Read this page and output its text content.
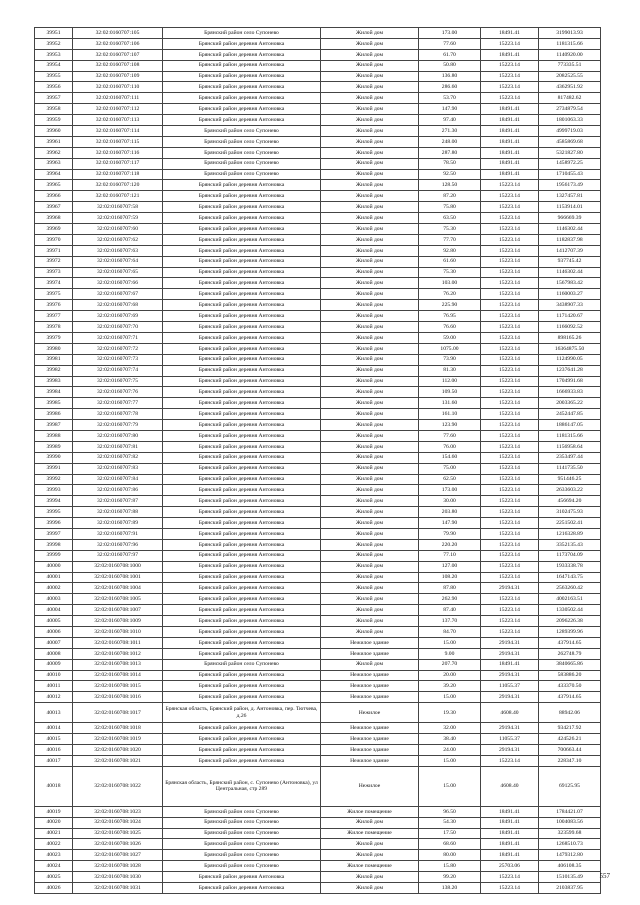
39951	32:02:0160707:105	Брянский район село Супонево	Жилой дом	173.00	18491.41	3199013.93
39952	32:02:0160707:106	Брянский район деревня Антоновка	Жилой дом	77.60	15223.14	1181315.66
39953	32:02:0160707:107	Брянский район деревня Антоновка	Жилой дом	61.70	18491.41	1140920.00
39954	32:02:0160707:108	Брянский район деревня Антоновка	Жилой дом	50.80	15223.14	773335.51
39955	32:02:0160707:109	Брянский район деревня Антоновка	Жилой дом	136.80	15223.14	2082525.55
39956	32:02:0160707:110	Брянский район деревня Антоновка	Жилой дом	286.60	15223.14	4362951.92
39957	32:02:0160707:111	Брянский район деревня Антоновка	Жилой дом	53.70	15223.14	817482.62
39958	32:02:0160707:112	Брянский район деревня Антоновка	Жилой дом	147.90	18491.41	2734879.54
39959	32:02:0160707:113	Брянский район деревня Антоновка	Жилой дом	97.40	18491.41	1801063.33
39960	32:02:0160707:114	Брянский район село Супонево	Жилой дом	271.30	18491.41	4999719.03
39961	32:02:0160707:115	Брянский район село Супонево	Жилой дом	248.00	18491.41	4585869.68
39962	32:02:0160707:116	Брянский район село Супонево	Жилой дом	287.80	18491.41	5321827.80
39963	32:02:0160707:117	Брянский район село Супонево	Жилой дом	78.50	18491.41	1458972.25
39964	32:02:0160707:118	Брянский район село Супонево	Жилой дом	92.50	18491.41	1710455.43
39965	32:02:0160707:120	Брянский район деревня Антоновка	Жилой дом	128.50	15223.14	1956173.49
39966	32:02:0160707:121	Брянский район деревня Антоновка	Жилой дом	87.20	15223.14	1327457.81
39967	32:02:0160707:58	Брянский район деревня Антоновка	Жилой дом	75.80	15223.14	1153914.01
39968	32:02:0160707:59	Брянский район деревня Антоновка	Жилой дом	63.50	15223.14	966669.39
39969	32:02:0160707:60	Брянский район деревня Антоновка	Жилой дом	75.30	15223.14	1146302.44
39970	32:02:0160707:62	Брянский район деревня Антоновка	Жилой дом	77.70	15223.14	1182837.98
39971	32:02:0160707:63	Брянский район деревня Антоновка	Жилой дом	92.80	15223.14	1412707.39
39972	32:02:0160707:64	Брянский район деревня Антоновка	Жилой дом	61.60	15223.14	937745.42
39973	32:02:0160707:65	Брянский район деревня Антоновка	Жилой дом	75.30	15223.14	1146302.44
39974	32:02:0160707:66	Брянский район деревня Антоновка	Жилой дом	103.00	15223.14	1567983.42
39975	32:02:0160707:67	Брянский район деревня Антоновка	Жилой дом	76.20	15223.14	1160003.27
39976	32:02:0160707:68	Брянский район деревня Антоновка	Жилой дом	225.90	15223.14	3438907.33
39977	32:02:0160707:69	Брянский район деревня Антоновка	Жилой дом	76.95	15223.14	1171420.67
39978	32:02:0160707:70	Брянский район деревня Антоновка	Жилой дом	76.60	15223.14	1166092.52
39979	32:02:0160707:71	Брянский район деревня Антоновка	Жилой дом	59.00	15223.14	898165.26
39980	32:02:0160707:72	Брянский район деревня Антоновка	Жилой дом	1075.00	15223.14	16364875.50
39981	32:02:0160707:73	Брянский район деревня Антоновка	Жилой дом	73.90	15223.14	1124990.05
39982	32:02:0160707:74	Брянский район деревня Антоновка	Жилой дом	81.30	15223.14	1237641.28
39983	32:02:0160707:75	Брянский район деревня Антоновка	Жилой дом	112.00	15223.14	1704991.68
39984	32:02:0160707:76	Брянский район деревня Антоновка	Жилой дом	109.50	15223.14	1666933.83
39985	32:02:0160707:77	Брянский район деревня Антоновка	Жилой дом	131.60	15223.14	2003365.22
39986	32:02:0160707:78	Брянский район деревня Антоновка	Жилой дом	161.10	15223.14	2452447.85
39987	32:02:0160707:79	Брянский район деревня Антоновка	Жилой дом	123.90	15223.14	1886147.05
39988	32:02:0160707:80	Брянский район деревня Антоновка	Жилой дом	77.60	15223.14	1181315.66
39989	32:02:0160707:81	Брянский район деревня Антоновка	Жилой дом	76.00	15223.14	1156958.64
39990	32:02:0160707:82	Брянский район деревня Антоновка	Жилой дом	154.60	15223.14	2353497.44
39991	32:02:0160707:83	Брянский район деревня Антоновка	Жилой дом	75.00	15223.14	1141735.50
39992	32:02:0160707:84	Брянский район деревня Антоновка	Жилой дом	62.50	15223.14	951446.25
39993	32:02:0160707:86	Брянский район деревня Антоновка	Жилой дом	173.00	15223.14	2633603.22
39994	32:02:0160707:87	Брянский район деревня Антоновка	Жилой дом	30.00	15223.14	456694.20
39995	32:02:0160707:88	Брянский район деревня Антоновка	Жилой дом	203.80	15223.14	3102475.93
39996	32:02:0160707:89	Брянский район деревня Антоновка	Жилой дом	147.90	15223.14	2251502.41
39997	32:02:0160707:91	Брянский район деревня Антоновка	Жилой дом	79.90	15223.14	1216328.89
39998	32:02:0160707:96	Брянский район деревня Антоновка	Жилой дом	220.20	15223.14	3352135.43
39999	32:02:0160707:97	Брянский район деревня Антоновка	Жилой дом	77.10	15223.14	1173704.09
40000	32:02:0160708:1000	Брянский район деревня Антоновка	Жилой дом	127.00	15223.14	1933338.78
40001	32:02:0160708:1001	Брянский район деревня Антоновка	Жилой дом	108.20	15223.14	1647143.75
40002	32:02:0160708:1004	Брянский район деревня Антоновка	Жилой дом	87.80	29194.31	2563260.42
40003	32:02:0160708:1005	Брянский район деревня Антоновка	Жилой дом	262.90	15223.14	4002163.51
40004	32:02:0160708:1007	Брянский район деревня Антоновка	Жилой дом	87.40	15223.14	1330502.44
40005	32:02:0160708:1009	Брянский район деревня Антоновка	Жилой дом	137.70	15223.14	2096226.38
40006	32:02:0160708:1010	Брянский район деревня Антоновка	Жилой дом	84.70	15223.14	1289399.96
40007	32:02:0160708:1011	Брянский район деревня Антоновка	Нежилое здание	15.00	29194.31	437914.65
40008	32:02:0160708:1012	Брянский район деревня Антоновка	Нежилое здание	9.00	29194.31	262748.79
40009	32:02:0160708:1013	Брянский район село Супонево	Жилой дом	207.70	18491.41	3840665.86
40010	32:02:0160708:1014	Брянский район деревня Антоновка	Нежилое здание	20.00	29194.31	583886.20
40011	32:02:0160708:1015	Брянский район деревня Антоновка	Нежилое здание	39.20	11055.37	433370.50
40012	32:02:0160708:1016	Брянский район деревня Антоновка	Нежилое здание	15.00	29194.31	437914.65
40013	32:02:0160708:1017	Брянская область, Брянский район, д. Антоновка, пер. Тютчева, д.26	Нежилое	19.30	4608.40	88942.06
40014	32:02:0160708:1018	Брянский район деревня Антоновка	Нежилое здание	32.00	29194.31	934217.92
40015	32:02:0160708:1019	Брянский район деревня Антоновка	Нежилое здание	38.40	11055.37	424526.21
40016	32:02:0160708:1020	Брянский район деревня Антоновка	Нежилое здание	24.00	29194.31	700663.44
40017	32:02:0160708:1021	Брянский район деревня Антоновка	Нежилое здание	15.00	15223.14	228347.10
40018	32:02:0160708:1022	Брянская область, Брянский район, с. Супонево (Антоновка), ул Центральная, стр 289	Нежилое	15.00	4608.40	69125.95
40019	32:02:0160708:1023	Брянский район село Супонево	Жилое помещение	96.50	18491.41	1784421.07
40020	32:02:0160708:1024	Брянский район село Супонево	Жилой дом	54.30	18491.41	1004083.56
40021	32:02:0160708:1025	Брянский район село Супонево	Жилое помещение	17.50	18491.41	323599.68
40022	32:02:0160708:1026	Брянский район село Супонево	Жилой дом	68.60	18491.41	1268510.73
40023	32:02:0160708:1027	Брянский район село Супонево	Жилой дом	80.00	18491.41	1479312.80
40024	32:02:0160708:1028	Брянский район село Супонево	Жилое помещение	15.80	25703.06	406108.35
40025	32:02:0160708:1030	Брянский район деревня Антоновка	Жилой дом	99.20	15223.14	1510135.49
40026	32:02:0160708:1031	Брянский район деревня Антоновка	Жилой дом	138.20	15223.14	2103837.95
557
